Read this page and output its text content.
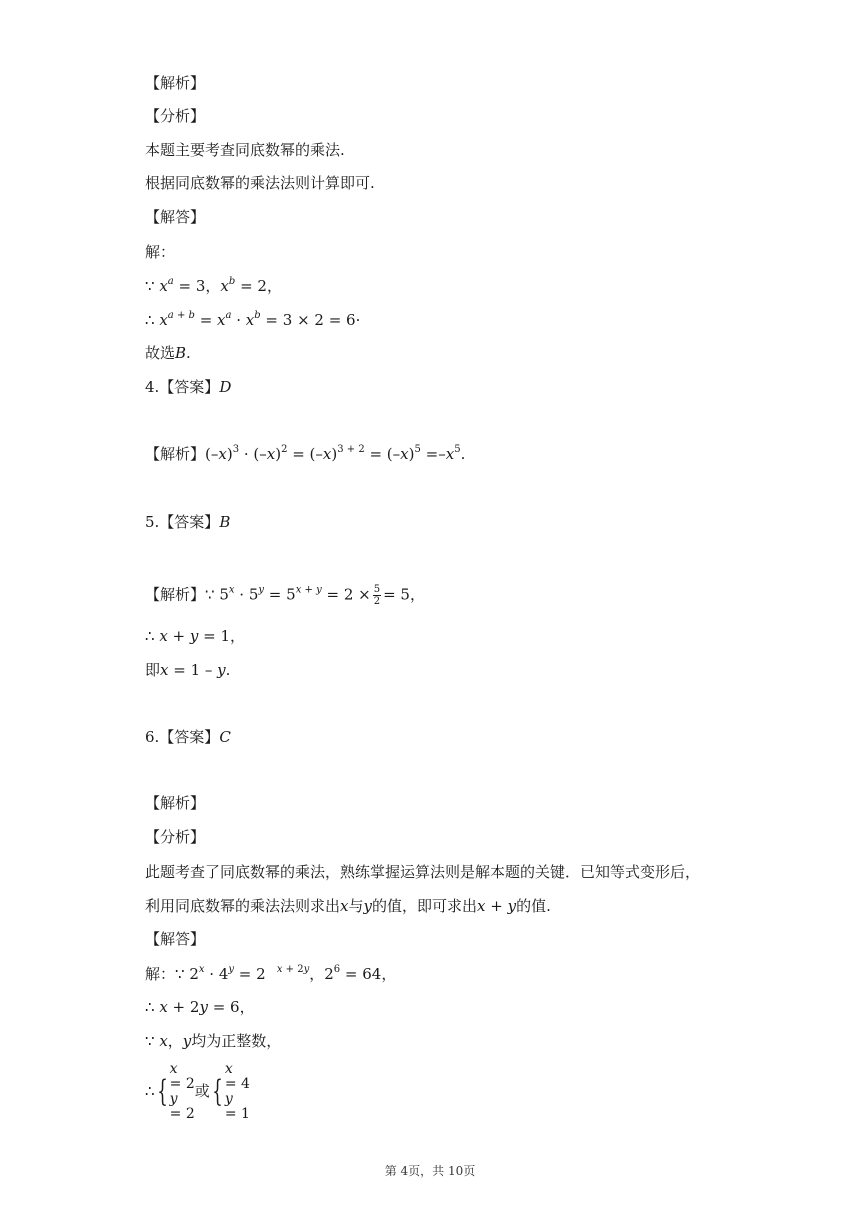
【解析】
【分析】
本题主要考查同底数幂的乘法.
根据同底数幂的乘法法则计算即可.
【解答】
解：
∵ $x^a = 3$，$x^b = 2$，
∴ $x^{a + b} = x^a \cdot x^b = 3 \times 2 = 6\cdot$
故选B.
4.【答案】D
【解析】$(-x)^3 \cdot (-x)^2 = (-x)^{3 + 2} = (-x)^5 =-x^5$.
5.【答案】B
【解析】∵ $5^x \cdot 5^y = 5^{x + y} = 2 \times \frac{5}{2} = 5$，
∴ x + y = 1，
即x = 1 – y.
6.【答案】C
【解析】
【分析】
此题考查了同底数幂的乘法，熟练掌握运算法则是解本题的关键．已知等式变形后，
利用同底数幂的乘法法则求出x与y的值，即可求出x + y的值.
【解答】
解：∵ $2^x \cdot 4^y = 2$   $^{x + 2y}$，$2^6 = 64$，
∴ x + 2y = 6，
∵ x，y均为正整数，
∴{
x
= 2
y
= 2
或{
x
= 4
y
= 1
第 4页，共 10页
